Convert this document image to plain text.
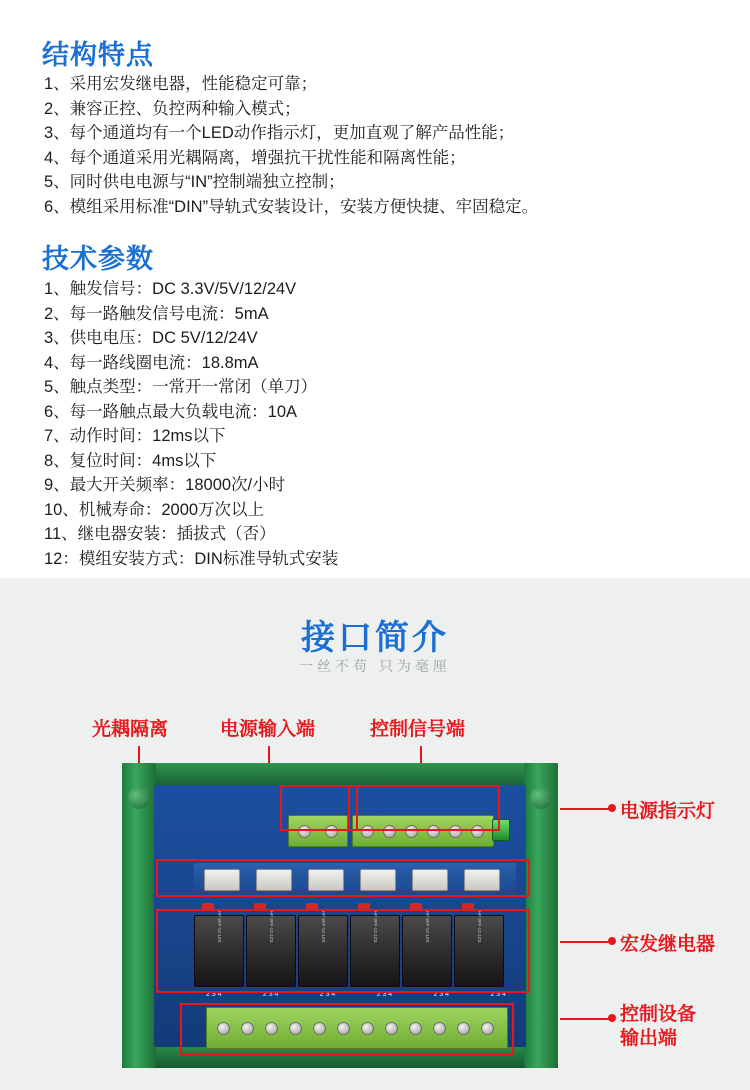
结构特点
1、采用宏发继电器，性能稳定可靠；
2、兼容正控、负控两种输入模式；
3、每个通道均有一个LED动作指示灯，更加直观了解产品性能；
4、每个通道采用光耦隔离，增强抗干扰性能和隔离性能；
5、同时供电电源与“IN”控制端独立控制；
6、模组采用标准“DIN”导轨式安装设计，安装方便快捷、牢固稳定。
技术参数
1、触发信号：DC 3.3V/5V/12/24V
2、每一路触发信号电流：5mA
3、供电电压：DC 5V/12/24V
4、每一路线圈电流：18.8mA
5、触点类型：一常开一常闭（单刀）
6、每一路触点最大负载电流：10A
7、动作时间：12ms以下
8、复位时间：4ms以下
9、最大开关频率：18000次/小时
10、机械寿命：2000万次以上
11、继电器安装：插拔式（否）
12：模组安装方式：DIN标准导轨式安装
接口简介
一丝不苟 只为毫厘
光耦隔离	电源输入端	控制信号端
电源指示灯
宏发继电器
控制设备
输出端
HF 3FF-12-1ZS	HF 3FF-12-1ZS	HF 3FF-12-1ZS	HF 3FF-12-1ZS	HF 3FF-12-1ZS	HF 3FF-12-1ZS
2 3 4	2 3 4	2 3 4	2 3 4	2 3 4	2 3 4
